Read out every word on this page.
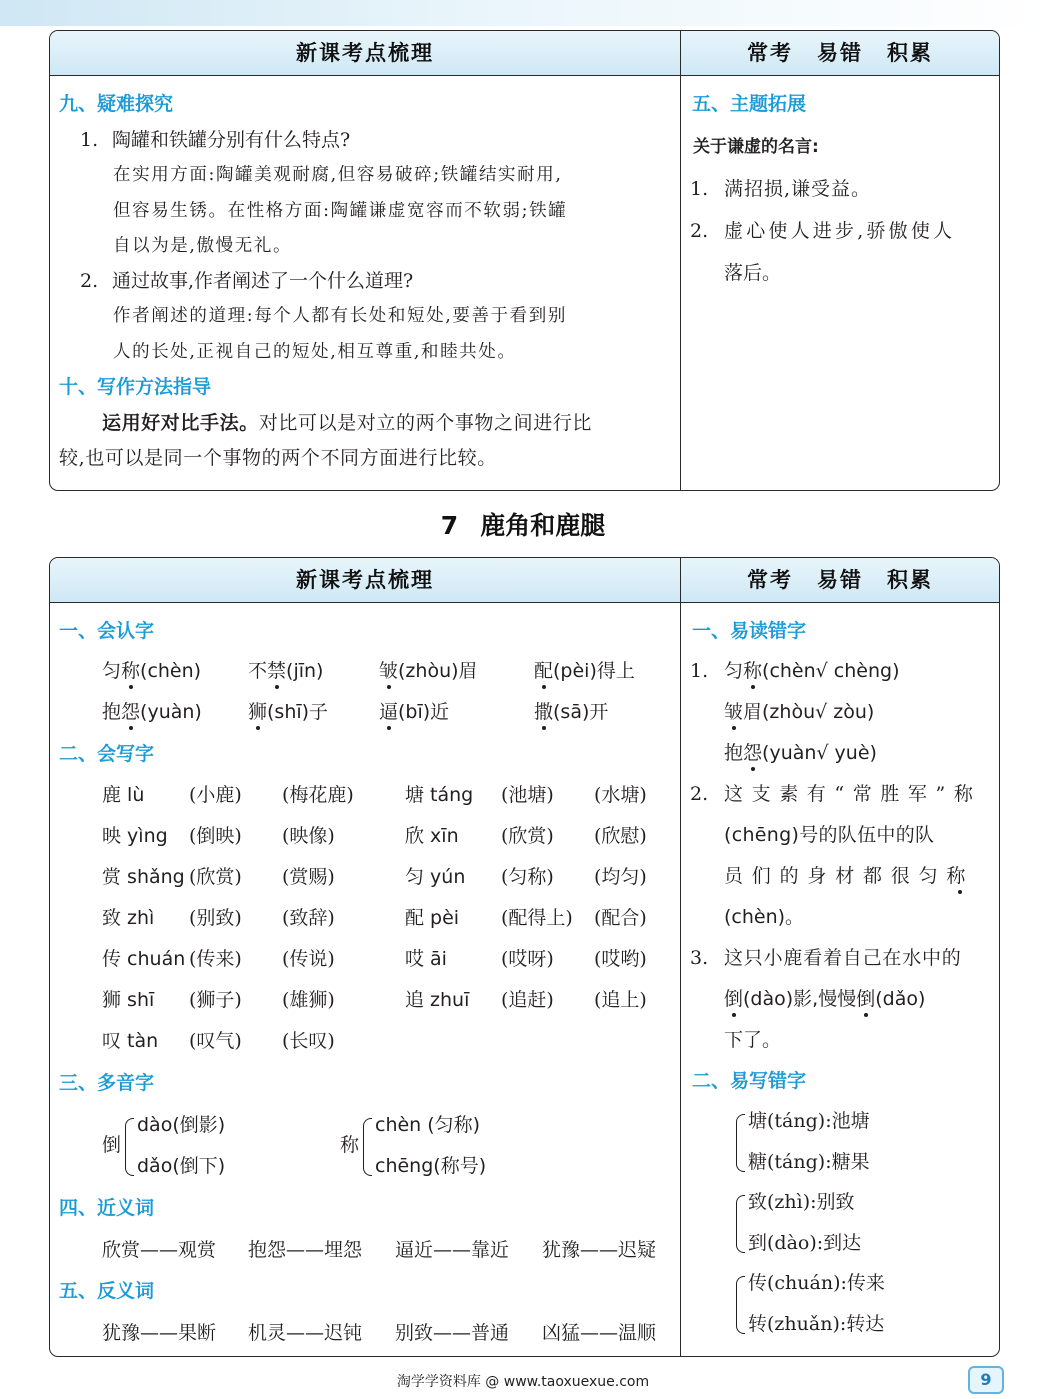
新课考点梳理	常考 易错 积累
九、疑难探究
1. 陶罐和铁罐分别有什么特点?
在实用方面:陶罐美观耐腐,但容易破碎;铁罐结实耐用,
但容易生锈。在性格方面:陶罐谦虚宽容而不软弱;铁罐
自以为是,傲慢无礼。
2. 通过故事,作者阐述了一个什么道理?
作者阐述的道理:每个人都有长处和短处,要善于看到别
人的长处,正视自己的短处,相互尊重,和睦共处。
十、写作方法指导
运用好对比手法。对比可以是对立的两个事物之间进行比
较,也可以是同一个事物的两个不同方面进行比较。
五、主题拓展
关于谦虚的名言:
1. 满招损,谦受益。
2. 虚心使人进步,骄傲使人
落后。
7 鹿角和鹿腿
新课考点梳理	常考 易错 积累
一、会认字
匀称(chèn) 不禁(jīn)	皱(zhòu)眉	配(pèi)得上
抱怨(yuàn) 狮(shī)子	逼(bī)近	撒(sā)开
二、会写字
鹿 lù (小鹿) (梅花鹿)	塘 táng (池塘) (水塘)
映 yìng (倒映) (映像)	欣 xīn (欣赏) (欣慰)
赏 shǎng (欣赏) (赏赐)	匀 yún (匀称) (均匀)
致 zhì (别致) (致辞)	配 pèi (配得上) (配合)
传 chuán (传来) (传说)	哎 āi	(哎呀) (哎哟)
狮 shī (狮子) (雄狮)	追 zhuī (追赶) (追上)
叹 tàn (叹气) (长叹)
三、多音字
倒
dào(倒影)
dǎo(倒下)
称
chèn (匀称)
chēng(称号)
四、近义词
欣赏——观赏 抱怨——埋怨 逼近——靠近 犹豫——迟疑
五、反义词
犹豫——果断 机灵——迟钝 别致——普通 凶猛——温顺
一、易读错字
1. 匀称(chèn√ chèng)
皱眉(zhòu√ zòu)
抱怨(yuàn√ yuè)
2. 这支素有“常胜军”称
(chēng)号的队伍中的队
员们的身材都很匀称
(chèn)。
3. 这只小鹿看着自己在水中的
倒(dào)影,慢慢倒(dǎo)
下了。
二、易写错字
塘(táng):池塘
糖(táng):糖果
致(zhì):别致
到(dào):到达
传(chuán):传来
转(zhuǎn):转达
淘学学资料库 @ www.taoxuexue.com	9
